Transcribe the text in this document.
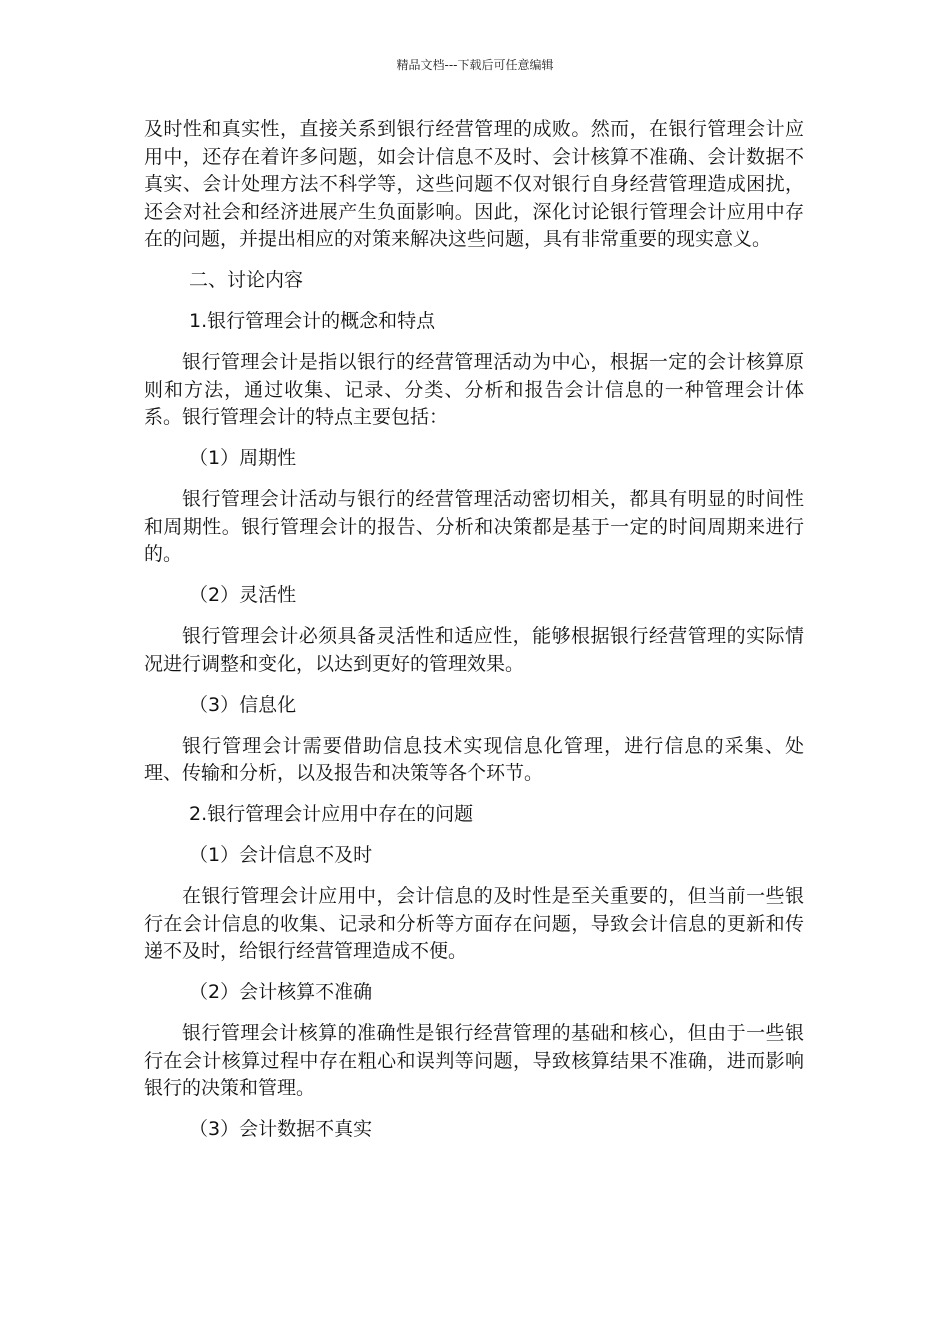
精品文档---下载后可任意编辑

及时性和真实性，直接关系到银行经营管理的成败。然而，在银行管理会计应用中，还存在着许多问题，如会计信息不及时、会计核算不准确、会计数据不真实、会计处理方法不科学等，这些问题不仅对银行自身经营管理造成困扰，还会对社会和经济进展产生负面影响。因此，深化讨论银行管理会计应用中存在的问题，并提出相应的对策来解决这些问题，具有非常重要的现实意义。

二、讨论内容

1.银行管理会计的概念和特点

银行管理会计是指以银行的经营管理活动为中心，根据一定的会计核算原则和方法，通过收集、记录、分类、分析和报告会计信息的一种管理会计体系。银行管理会计的特点主要包括：

（1）周期性

银行管理会计活动与银行的经营管理活动密切相关，都具有明显的时间性和周期性。银行管理会计的报告、分析和决策都是基于一定的时间周期来进行的。

（2）灵活性

银行管理会计必须具备灵活性和适应性，能够根据银行经营管理的实际情况进行调整和变化，以达到更好的管理效果。

（3）信息化

银行管理会计需要借助信息技术实现信息化管理，进行信息的采集、处理、传输和分析，以及报告和决策等各个环节。

2.银行管理会计应用中存在的问题

（1）会计信息不及时

在银行管理会计应用中，会计信息的及时性是至关重要的，但当前一些银行在会计信息的收集、记录和分析等方面存在问题，导致会计信息的更新和传递不及时，给银行经营管理造成不便。

（2）会计核算不准确

银行管理会计核算的准确性是银行经营管理的基础和核心，但由于一些银行在会计核算过程中存在粗心和误判等问题，导致核算结果不准确，进而影响银行的决策和管理。

（3）会计数据不真实
